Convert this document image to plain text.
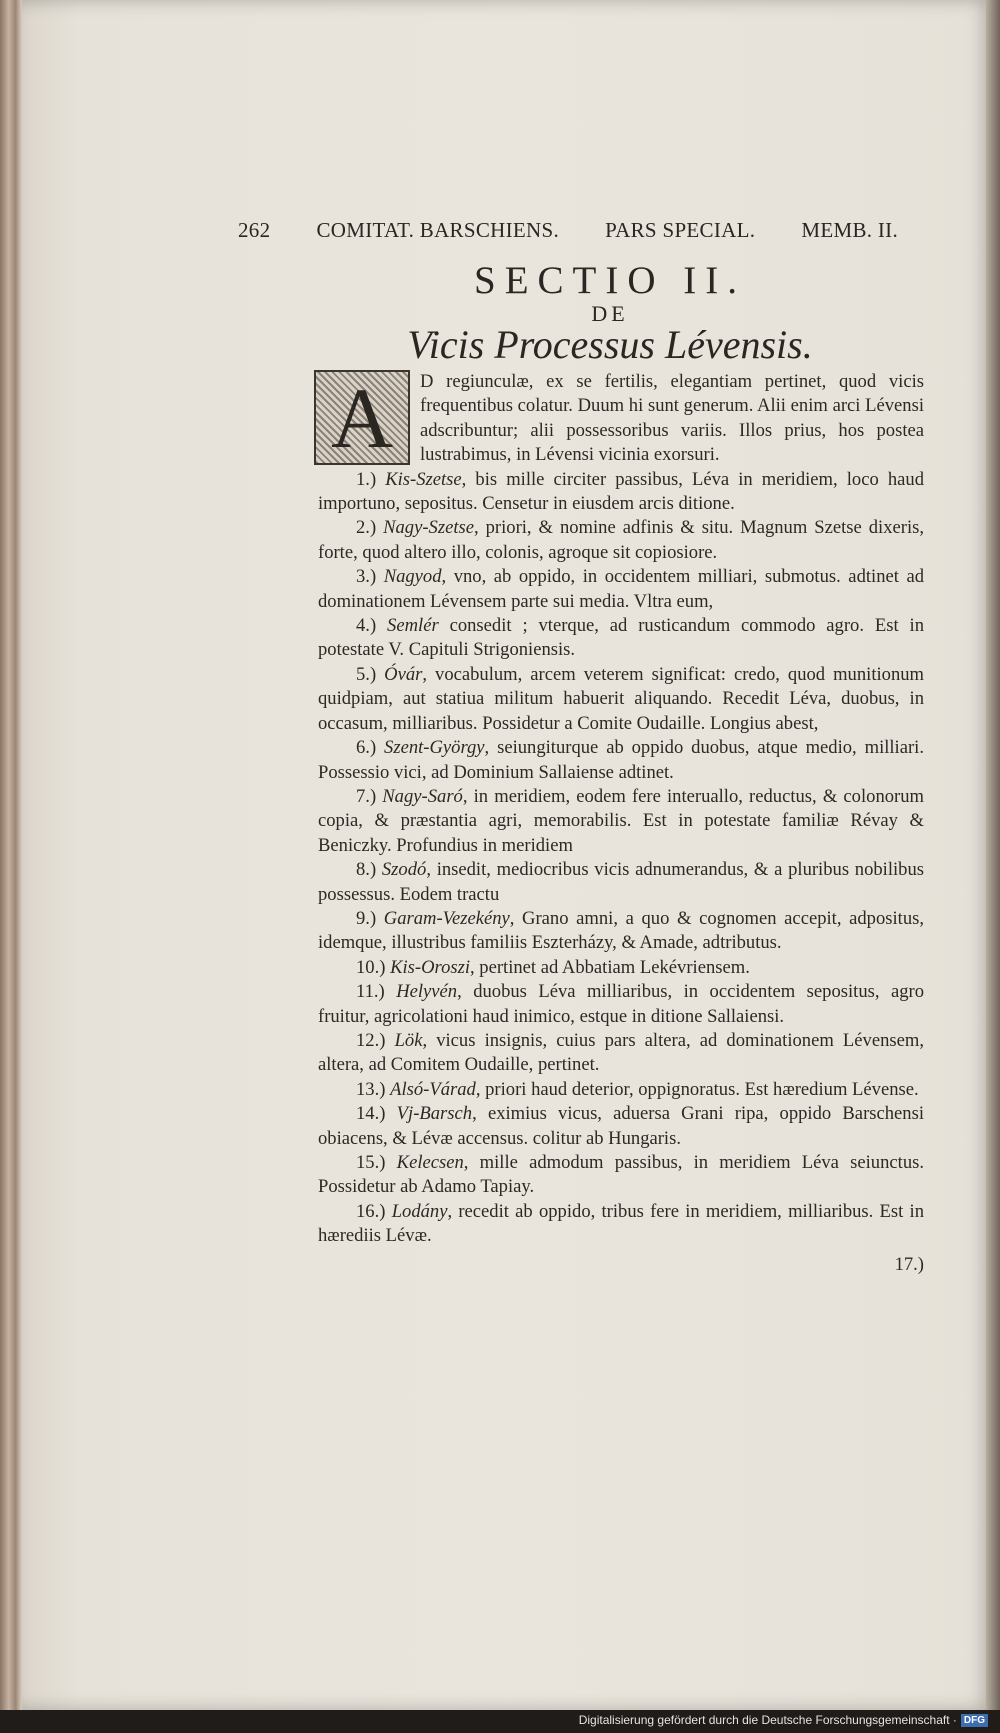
262 COMITAT. BARSCHIENS. PARS SPECIAL. MEMB. II.
SECTIO II.
DE
Vicis Processus Lévensis.
A	D regiunculæ, ex se fertilis, elegantiam pertinet, quod vicis frequentibus colatur. Duum hi sunt generum. Alii enim arci Lévensi adscribuntur; alii possessoribus variis. Illos prius, hos postea lustrabimus, in Lévensi vicinia exorsuri.

1.) Kis-Szetse, bis mille circiter passibus, Léva in meridiem, loco haud importuno, sepositus. Censetur in eiusdem arcis ditione.

2.) Nagy-Szetse, priori, & nomine adfinis & situ. Magnum Szetse dixeris, forte, quod altero illo, colonis, agroque sit copiosiore.

3.) Nagyod, vno, ab oppido, in occidentem milliari, submotus. adtinet ad dominationem Lévensem parte sui media. Vltra eum,

4.) Semlér consedit ; vterque, ad rusticandum commodo agro. Est in potestate V. Capituli Strigoniensis.

5.) Óvár, vocabulum, arcem veterem significat: credo, quod munitionum quidpiam, aut statiua militum habuerit aliquando. Recedit Léva, duobus, in occasum, milliaribus. Possidetur a Comite Oudaille. Longius abest,

6.) Szent-György, seiungiturque ab oppido duobus, atque medio, milliari. Possessio vici, ad Dominium Sallaiense adtinet.

7.) Nagy-Saró, in meridiem, eodem fere interuallo, reductus, & colonorum copia, & præstantia agri, memorabilis. Est in potestate familiæ Révay & Beniczky. Profundius in meridiem

8.) Szodó, insedit, mediocribus vicis adnumerandus, & a pluribus nobilibus possessus. Eodem tractu

9.) Garam-Vezekény, Grano amni, a quo & cognomen accepit, adpositus, idemque, illustribus familiis Eszterházy, & Amade, adtributus.

10.) Kis-Oroszi, pertinet ad Abbatiam Lekévriensem.

11.) Helyvén, duobus Léva milliaribus, in occidentem sepositus, agro fruitur, agricolationi haud inimico, estque in ditione Sallaiensi.

12.) Lök, vicus insignis, cuius pars altera, ad dominationem Lévensem, altera, ad Comitem Oudaille, pertinet.

13.) Alsó-Várad, priori haud deterior, oppignoratus. Est hæredium Lévense.

14.) Vj-Barsch, eximius vicus, aduersa Grani ripa, oppido Barschensi obiacens, & Lévæ accensus. colitur ab Hungaris.

15.) Kelecsen, mille admodum passibus, in meridiem Léva seiunctus. Possidetur ab Adamo Tapiay.

16.) Lodány, recedit ab oppido, tribus fere in meridiem, milliaribus. Est in hærediis Lévæ.

17.)
Digitalisierung gefördert durch die Deutsche Forschungsgemeinschaft · DFG
